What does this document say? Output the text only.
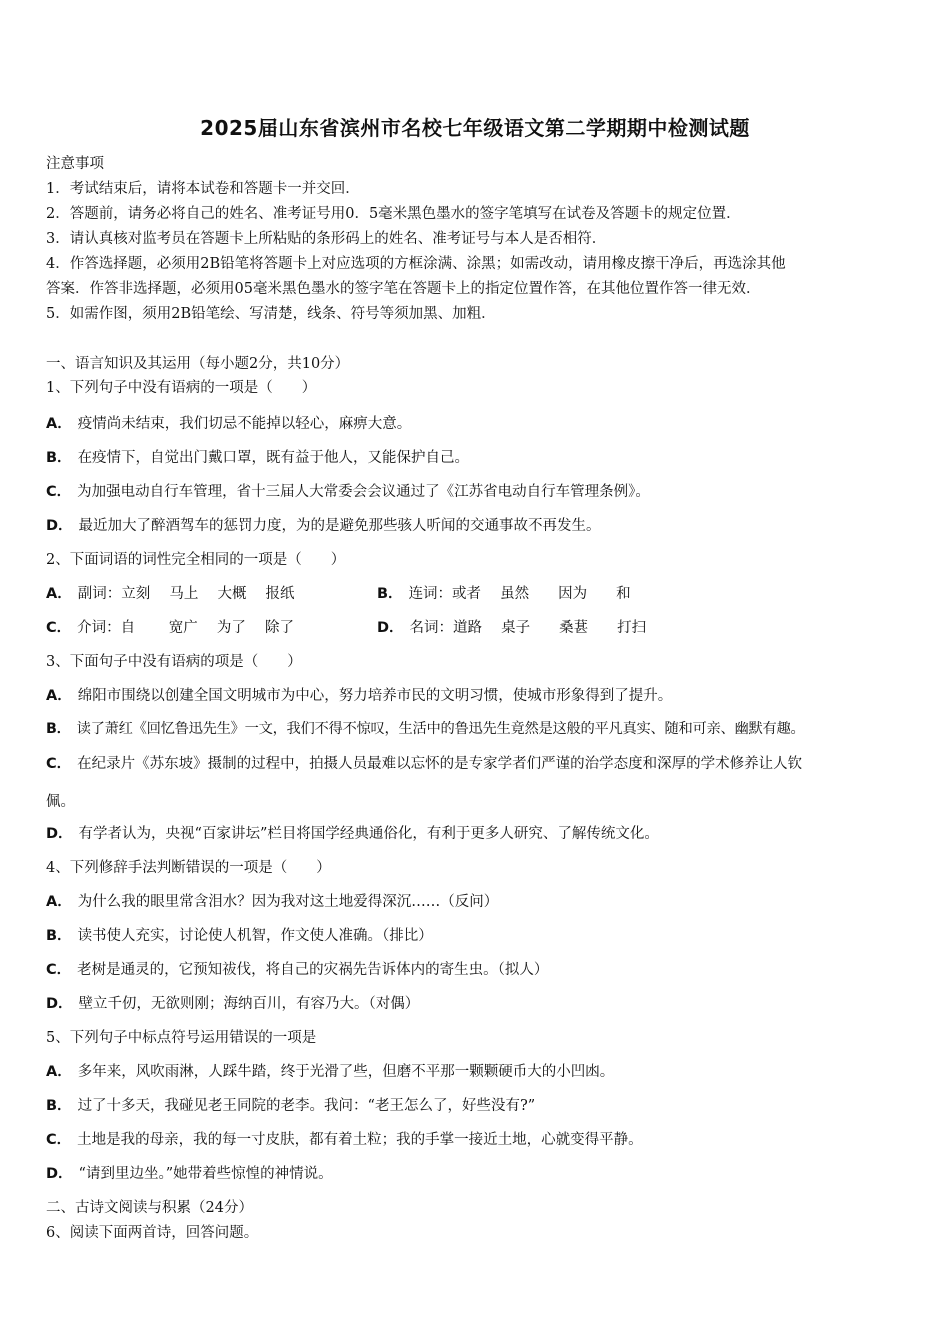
2025届山东省滨州市名校七年级语文第二学期期中检测试题
注意事项
1．考试结束后，请将本试卷和答题卡一并交回．
2．答题前，请务必将自己的姓名、准考证号用0．5毫米黑色墨水的签字笔填写在试卷及答题卡的规定位置．
3．请认真核对监考员在答题卡上所粘贴的条形码上的姓名、准考证号与本人是否相符．
4．作答选择题，必须用2B铅笔将答题卡上对应选项的方框涂满、涂黑；如需改动，请用橡皮擦干净后，再选涂其他
答案．作答非选择题，必须用05毫米黑色墨水的签字笔在答题卡上的指定位置作答，在其他位置作答一律无效．
5．如需作图，须用2B铅笔绘、写清楚，线条、符号等须加黑、加粗．
一、语言知识及其运用（每小题2分，共10分）
1、下列句子中没有语病的一项是（　　）
A． 疫情尚未结束，我们切忌不能掉以轻心，麻痹大意。
B． 在疫情下，自觉出门戴口罩，既有益于他人，又能保护自己。
C． 为加强电动自行车管理，省十三届人大常委会会议通过了《江苏省电动自行车管理条例》。
D． 最近加大了醉酒驾车的惩罚力度，为的是避免那些骇人听闻的交通事故不再发生。
2、下面词语的词性完全相同的一项是（　　）
A． 副词：立刻　 马上　 大概　 报纸	B． 连词：或者　 虽然　　因为　　和
C． 介词：自　　 宽广　 为了　 除了	D． 名词：道路　 桌子　　桑葚　　打扫
3、下面句子中没有语病的项是（　　）
A． 绵阳市围绕以创建全国文明城市为中心，努力培养市民的文明习惯，使城市形象得到了提升。
B． 读了萧红《回忆鲁迅先生》一文，我们不得不惊叹，生活中的鲁迅先生竟然是这般的平凡真实、随和可亲、幽默有趣。
C． 在纪录片《苏东坡》摄制的过程中，拍摄人员最难以忘怀的是专家学者们严谨的治学态度和深厚的学术修养让人钦
佩。
D． 有学者认为，央视“百家讲坛”栏目将国学经典通俗化，有利于更多人研究、了解传统文化。
4、下列修辞手法判断错误的一项是（　　）
A． 为什么我的眼里常含泪水？因为我对这土地爱得深沉……（反问）
B． 读书使人充实，讨论使人机智，作文使人准确。（排比）
C． 老树是通灵的，它预知祓伐，将自己的灾祸先告诉体内的寄生虫。（拟人）
D． 壁立千仞，无欲则刚；海纳百川，有容乃大。（对偶）
5、下列句子中标点符号运用错误的一项是
A． 多年来，风吹雨淋，人踩牛踏，终于光滑了些，但磨不平那一颗颗硬币大的小凹凼。
B． 过了十多天，我碰见老王同院的老李。我问：“老王怎么了，好些没有?”
C． 土地是我的母亲，我的每一寸皮肤，都有着土粒；我的手掌一接近土地，心就变得平静。
D． “请到里边坐。”她带着些惊惶的神情说。
二、古诗文阅读与积累（24分）
6、阅读下面两首诗，回答问题。
